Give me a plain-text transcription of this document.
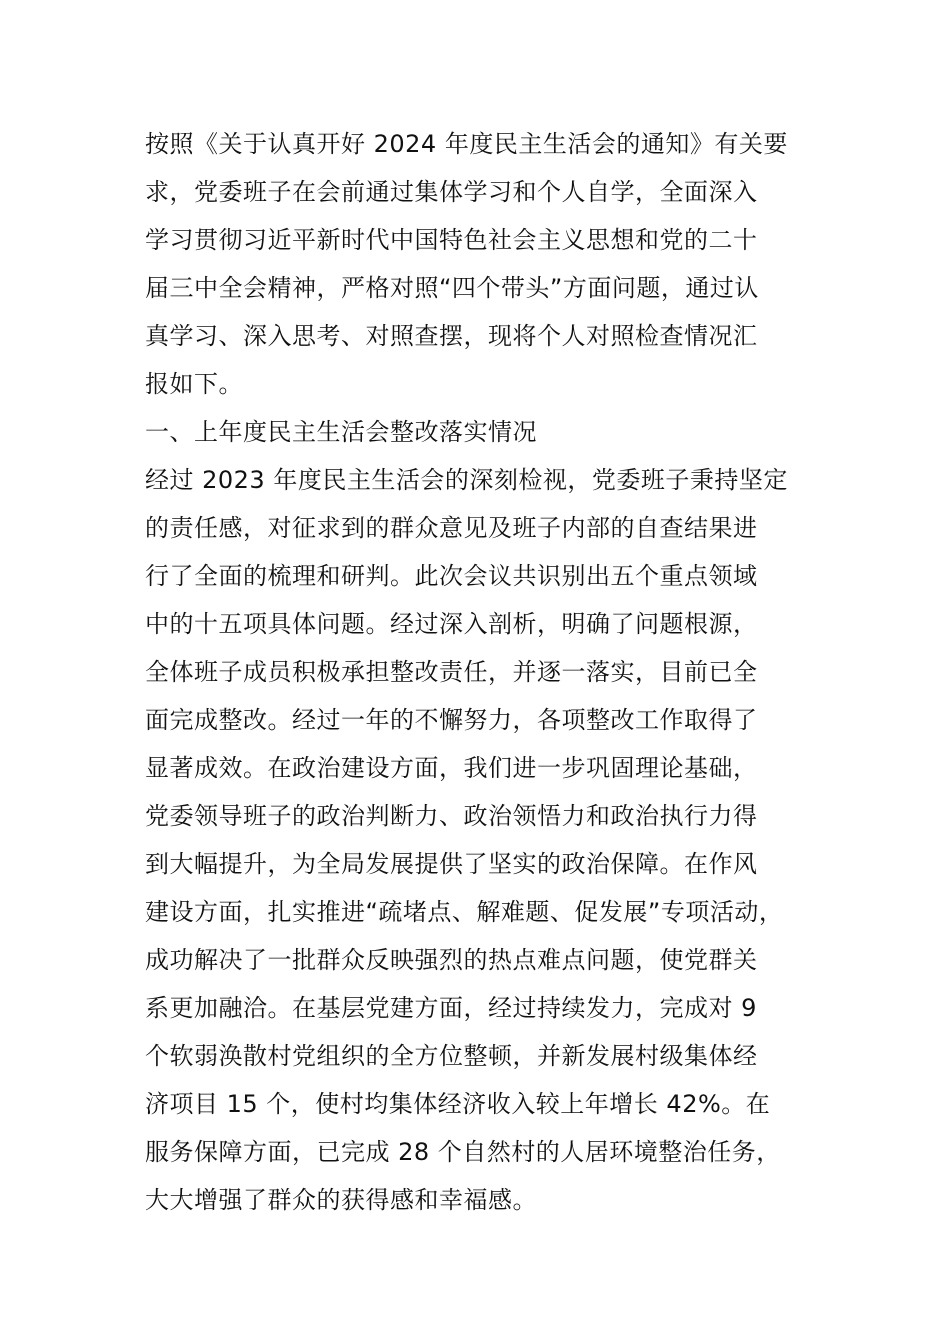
按照《关于认真开好 2024 年度民主生活会的通知》有关要
求，党委班子在会前通过集体学习和个人自学，全面深入
学习贯彻习近平新时代中国特色社会主义思想和党的二十
届三中全会精神，严格对照“四个带头”方面问题，通过认
真学习、深入思考、对照查摆，现将个人对照检查情况汇
报如下。
一、上年度民主生活会整改落实情况
经过 2023 年度民主生活会的深刻检视，党委班子秉持坚定
的责任感，对征求到的群众意见及班子内部的自查结果进
行了全面的梳理和研判。此次会议共识别出五个重点领域
中的十五项具体问题。经过深入剖析，明确了问题根源，
全体班子成员积极承担整改责任，并逐一落实，目前已全
面完成整改。经过一年的不懈努力，各项整改工作取得了
显著成效。在政治建设方面，我们进一步巩固理论基础，
党委领导班子的政治判断力、政治领悟力和政治执行力得
到大幅提升，为全局发展提供了坚实的政治保障。在作风
建设方面，扎实推进“疏堵点、解难题、促发展”专项活动，
成功解决了一批群众反映强烈的热点难点问题，使党群关
系更加融洽。在基层党建方面，经过持续发力，完成对 9
个软弱涣散村党组织的全方位整顿，并新发展村级集体经
济项目 15 个，使村均集体经济收入较上年增长 42%。在
服务保障方面，已完成 28 个自然村的人居环境整治任务，
大大增强了群众的获得感和幸福感。
